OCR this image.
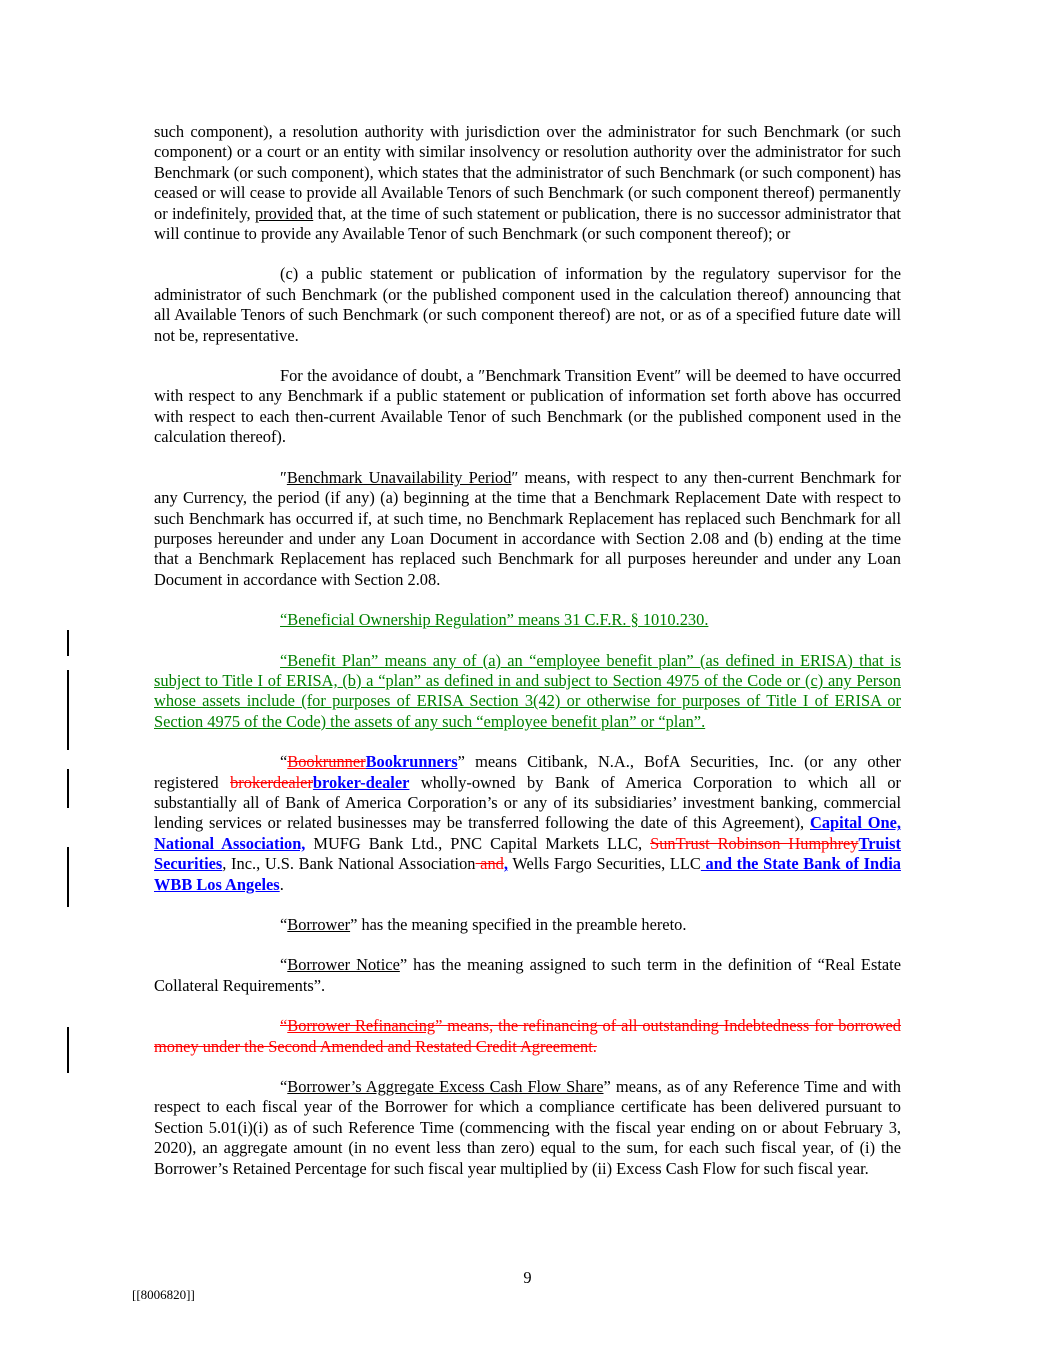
such component), a resolution authority with jurisdiction over the administrator for such Benchmark (or such component) or a court or an entity with similar insolvency or resolution authority over the administrator for such Benchmark (or such component), which states that the administrator of such Benchmark (or such component) has ceased or will cease to provide all Available Tenors of such Benchmark (or such component thereof) permanently or indefinitely, provided that, at the time of such statement or publication, there is no successor administrator that will continue to provide any Available Tenor of such Benchmark (or such component thereof); or

(c) a public statement or publication of information by the regulatory supervisor for the administrator of such Benchmark (or the published component used in the calculation thereof) announcing that all Available Tenors of such Benchmark (or such component thereof) are not, or as of a specified future date will not be, representative.

For the avoidance of doubt, a ″Benchmark Transition Event″ will be deemed to have occurred with respect to any Benchmark if a public statement or publication of information set forth above has occurred with respect to each then-current Available Tenor of such Benchmark (or the published component used in the calculation thereof).

″Benchmark Unavailability Period″ means, with respect to any then-current Benchmark for any Currency, the period (if any) (a) beginning at the time that a Benchmark Replacement Date with respect to such Benchmark has occurred if, at such time, no Benchmark Replacement has replaced such Benchmark for all purposes hereunder and under any Loan Document in accordance with Section 2.08 and (b) ending at the time that a Benchmark Replacement has replaced such Benchmark for all purposes hereunder and under any Loan Document in accordance with Section 2.08.

“Beneficial Ownership Regulation” means 31 C.F.R. § 1010.230.

“Benefit Plan” means any of (a) an “employee benefit plan” (as defined in ERISA) that is subject to Title I of ERISA, (b) a “plan” as defined in and subject to Section 4975 of the Code or (c) any Person whose assets include (for purposes of ERISA Section 3(42) or otherwise for purposes of Title I of ERISA or Section 4975 of the Code) the assets of any such “employee benefit plan” or “plan”.

“BookrunnerBookrunners” means Citibank, N.A., BofA Securities, Inc. (or any other registered brokerdealerbroker-dealer wholly-owned by Bank of America Corporation to which all or substantially all of Bank of America Corporation’s or any of its subsidiaries’ investment banking, commercial lending services or related businesses may be transferred following the date of this Agreement), Capital One, National Association, MUFG Bank Ltd., PNC Capital Markets LLC, SunTrust Robinson HumphreyTruist Securities, Inc., U.S. Bank National Association and, Wells Fargo Securities, LLC and the State Bank of India WBB Los Angeles.

“Borrower” has the meaning specified in the preamble hereto.

“Borrower Notice” has the meaning assigned to such term in the definition of “Real Estate Collateral Requirements”.

“Borrower Refinancing” means, the refinancing of all outstanding Indebtedness for borrowed money under the Second Amended and Restated Credit Agreement.

“Borrower’s Aggregate Excess Cash Flow Share” means, as of any Reference Time and with respect to each fiscal year of the Borrower for which a compliance certificate has been delivered pursuant to Section 5.01(i)(i) as of such Reference Time (commencing with the fiscal year ending on or about February 3, 2020), an aggregate amount (in no event less than zero) equal to the sum, for each such fiscal year, of (i) the Borrower’s Retained Percentage for such fiscal year multiplied by (ii) Excess Cash Flow for such fiscal year.

9
[[8006820]]
